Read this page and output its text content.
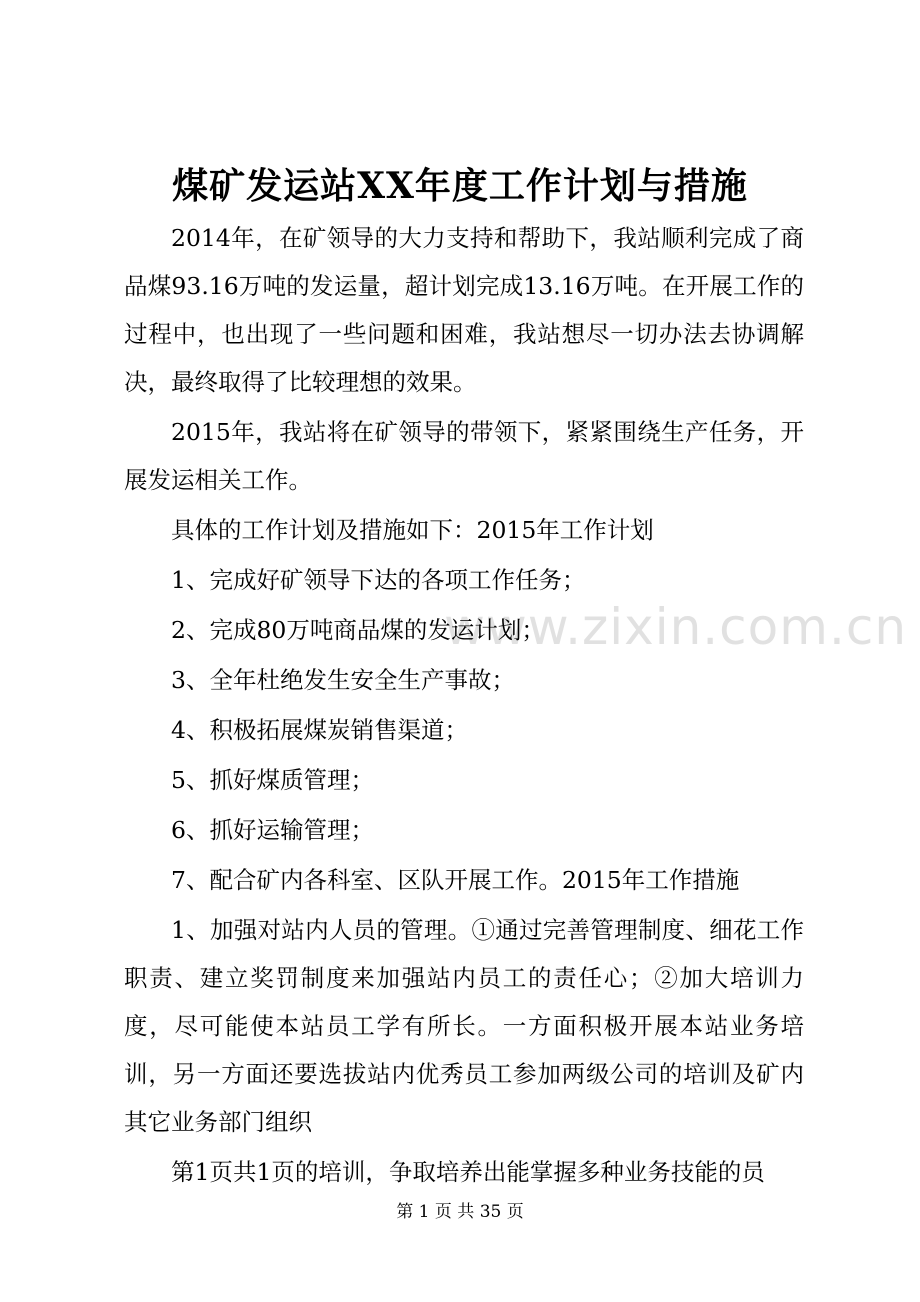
www.zixin.com.cn
煤矿发运站XX年度工作计划与措施

2014年，在矿领导的大力支持和帮助下，我站顺利完成了商品煤93.16万吨的发运量，超计划完成13.16万吨。在开展工作的过程中，也出现了一些问题和困难，我站想尽一切办法去协调解决，最终取得了比较理想的效果。

2015年，我站将在矿领导的带领下，紧紧围绕生产任务，开展发运相关工作。

具体的工作计划及措施如下：2015年工作计划

1、完成好矿领导下达的各项工作任务；

2、完成80万吨商品煤的发运计划；

3、全年杜绝发生安全生产事故；

4、积极拓展煤炭销售渠道；

5、抓好煤质管理；

6、抓好运输管理；

7、配合矿内各科室、区队开展工作。2015年工作措施

1、加强对站内人员的管理。①通过完善管理制度、细花工作职责、建立奖罚制度来加强站内员工的责任心；②加大培训力度，尽可能使本站员工学有所长。一方面积极开展本站业务培训，另一方面还要选拔站内优秀员工参加两级公司的培训及矿内其它业务部门组织

第1页共1页的培训，争取培养出能掌握多种业务技能的员

第 1 页 共 35 页
